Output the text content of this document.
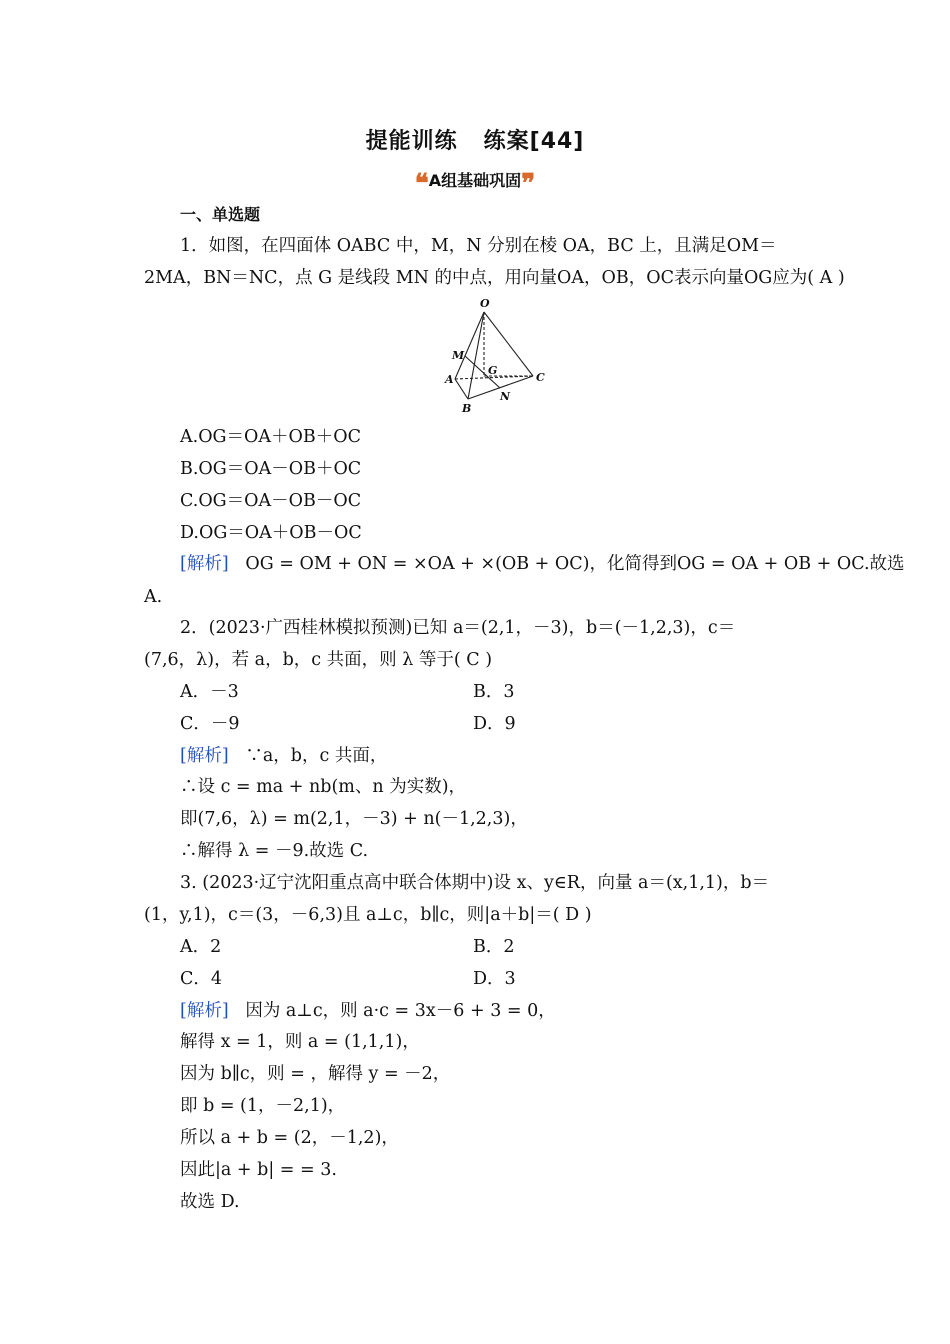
提能训练 练案[44]
❝A组基础巩固❞
一、单选题
1．如图，在四面体 OABC 中，M，N 分别在棱 OA，BC 上，且满足OM＝
2MA，BN＝NC，点 G 是线段 MN 的中点，用向量OA，OB，OC表示向量OG应为( A )
O
M
A
G
C
B
N
A.OG＝OA＋OB＋OC
B.OG＝OA－OB＋OC
C.OG＝OA－OB－OC
D.OG＝OA＋OB－OC
[解析] OG = OM + ON = ×OA + ×(OB + OC)，化简得到OG = OA + OB + OC.故选
A.
2．(2023·广西桂林模拟预测)已知 a＝(2,1，－3)，b＝(－1,2,3)，c＝
(7,6，λ)，若 a，b，c 共面，则 λ 等于( C )
A．－3	B．3
C．－9	D．9
[解析] ∵a，b，c 共面，
∴设 c = ma + nb(m、n 为实数)，
即(7,6，λ) = m(2,1，－3) + n(－1,2,3)，
∴解得 λ = －9.故选 C.
3. (2023·辽宁沈阳重点高中联合体期中)设 x、y∈R，向量 a＝(x,1,1)，b＝
(1，y,1)，c＝(3，－6,3)且 a⊥c，b∥c，则|a＋b|＝( D )
A．2	B．2
C．4	D．3
[解析] 因为 a⊥c，则 a·c = 3x－6 + 3 = 0，
解得 x = 1，则 a = (1,1,1)，
因为 b∥c，则 = ，解得 y = －2，
即 b = (1，－2,1)，
所以 a + b = (2，－1,2)，
因此|a + b| = = 3.
故选 D.
